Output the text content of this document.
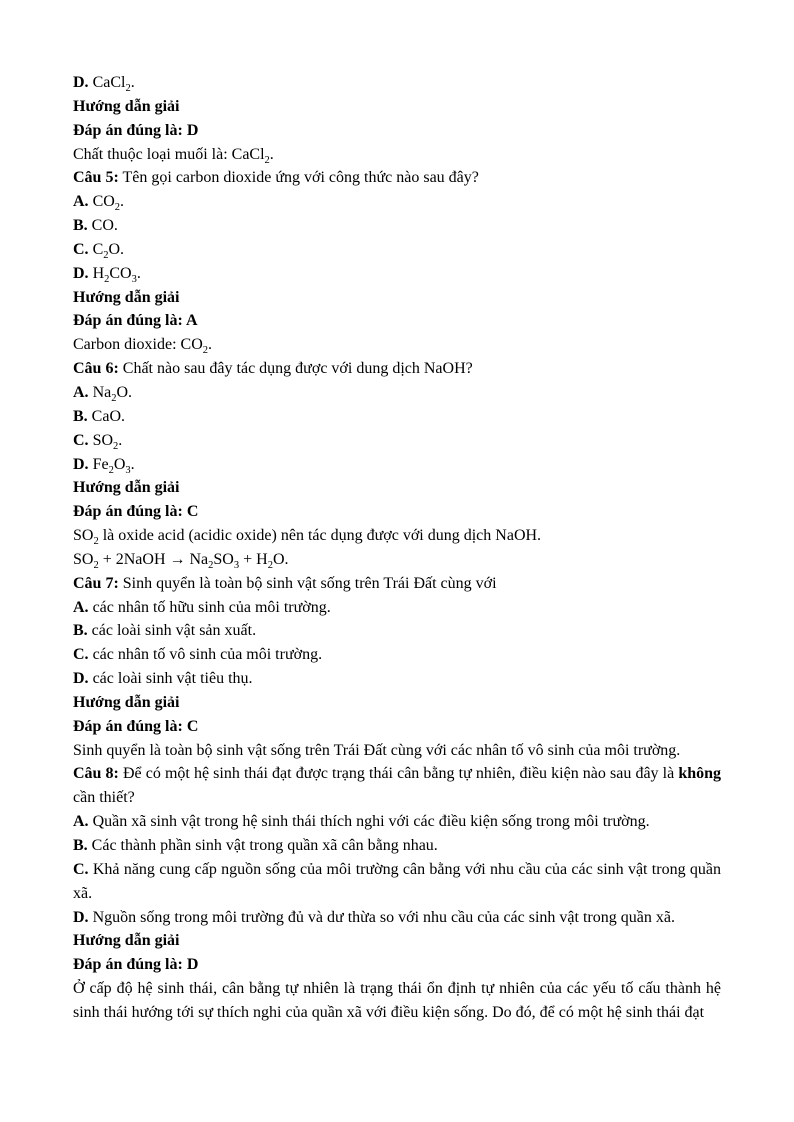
D. CaCl$_2$.

Hướng dẫn giải

Đáp án đúng là: D

Chất thuộc loại muối là: CaCl$_2$.

Câu 5: Tên gọi carbon dioxide ứng với công thức nào sau đây?

A. $CO_2$.

B. CO.

C. $C_2O$.

D. $H_2CO_3$.

Hướng dẫn giải

Đáp án đúng là: A

Carbon dioxide: $CO_2$.

Câu 6: Chất nào sau đây tác dụng được với dung dịch NaOH?

A. $Na_2O$.

B. CaO.

C. $SO_2$.

D. $Fe_2O_3$.

Hướng dẫn giải

Đáp án đúng là: C

$SO_2$ là oxide acid (acidic oxide) nên tác dụng được với dung dịch NaOH.

$SO_2$ + 2NaOH → $Na_2SO_3 + H_2O$.

Câu 7: Sinh quyển là toàn bộ sinh vật sống trên Trái Đất cùng với

A. các nhân tố hữu sinh của môi trường.

B. các loài sinh vật sản xuất.

C. các nhân tố vô sinh của môi trường.

D. các loài sinh vật tiêu thụ.

Hướng dẫn giải

Đáp án đúng là: C

Sinh quyển là toàn bộ sinh vật sống trên Trái Đất cùng với các nhân tố vô sinh của môi trường.

Câu 8: Để có một hệ sinh thái đạt được trạng thái cân bằng tự nhiên, điều kiện nào sau đây là không cần thiết?

A. Quần xã sinh vật trong hệ sinh thái thích nghi với các điều kiện sống trong môi trường.

B. Các thành phần sinh vật trong quần xã cân bằng nhau.

C. Khả năng cung cấp nguồn sống của môi trường cân bằng với nhu cầu của các sinh vật trong quần xã.

D. Nguồn sống trong môi trường đủ và dư thừa so với nhu cầu của các sinh vật trong quần xã.

Hướng dẫn giải

Đáp án đúng là: D

Ở cấp độ hệ sinh thái, cân bằng tự nhiên là trạng thái ổn định tự nhiên của các yếu tố cấu thành hệ sinh thái hướng tới sự thích nghi của quần xã với điều kiện sống. Do đó, để có một hệ sinh thái đạt
